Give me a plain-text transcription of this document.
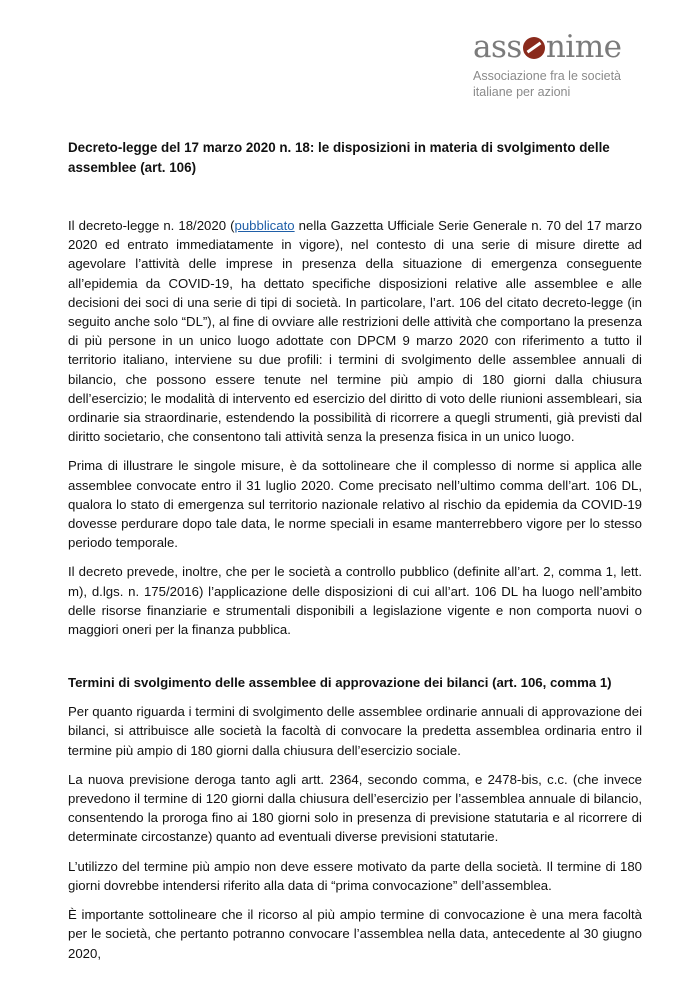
ass nime
Associazione fra le società
italiane per azioni

Decreto-legge del 17 marzo 2020 n. 18: le disposizioni in materia di svolgimento delle assemblee (art. 106)

Il decreto-legge n. 18/2020 (pubblicato nella Gazzetta Ufficiale Serie Generale n. 70 del 17 marzo 2020 ed entrato immediatamente in vigore), nel contesto di una serie di misure dirette ad agevolare l’attività delle imprese in presenza della situazione di emergenza conseguente all’epidemia da COVID-19, ha dettato specifiche disposizioni relative alle assemblee e alle decisioni dei soci di una serie di tipi di società. In particolare, l’art. 106 del citato decreto-legge (in seguito anche solo “DL”), al fine di ovviare alle restrizioni delle attività che comportano la presenza di più persone in un unico luogo adottate con DPCM 9 marzo 2020 con riferimento a tutto il territorio italiano, interviene su due profili: i termini di svolgimento delle assemblee annuali di bilancio, che possono essere tenute nel termine più ampio di 180 giorni dalla chiusura dell’esercizio; le modalità di intervento ed esercizio del diritto di voto delle riunioni assembleari, sia ordinarie sia straordinarie, estendendo la possibilità di ricorrere a quegli strumenti, già previsti dal diritto societario, che consentono tali attività senza la presenza fisica in un unico luogo.

Prima di illustrare le singole misure, è da sottolineare che il complesso di norme si applica alle assemblee convocate entro il 31 luglio 2020. Come precisato nell’ultimo comma dell’art. 106 DL, qualora lo stato di emergenza sul territorio nazionale relativo al rischio da epidemia da COVID-19 dovesse perdurare dopo tale data, le norme speciali in esame manterrebbero vigore per lo stesso periodo temporale.

Il decreto prevede, inoltre, che per le società a controllo pubblico (definite all’art. 2, comma 1, lett. m), d.lgs. n. 175/2016) l’applicazione delle disposizioni di cui all’art. 106 DL ha luogo nell’ambito delle risorse finanziarie e strumentali disponibili a legislazione vigente e non comporta nuovi o maggiori oneri per la finanza pubblica.

Termini di svolgimento delle assemblee di approvazione dei bilanci (art. 106, comma 1)

Per quanto riguarda i termini di svolgimento delle assemblee ordinarie annuali di approvazione dei bilanci, si attribuisce alle società la facoltà di convocare la predetta assemblea ordinaria entro il termine più ampio di 180 giorni dalla chiusura dell’esercizio sociale.

La nuova previsione deroga tanto agli artt. 2364, secondo comma, e 2478-bis, c.c. (che invece prevedono il termine di 120 giorni dalla chiusura dell’esercizio per l’assemblea annuale di bilancio, consentendo la proroga fino ai 180 giorni solo in presenza di previsione statutaria e al ricorrere di determinate circostanze) quanto ad eventuali diverse previsioni statutarie.

L’utilizzo del termine più ampio non deve essere motivato da parte della società. Il termine di 180 giorni dovrebbe intendersi riferito alla data di “prima convocazione” dell’assemblea.

È importante sottolineare che il ricorso al più ampio termine di convocazione è una mera facoltà per le società, che pertanto potranno convocare l’assemblea nella data, antecedente al 30 giugno 2020,
